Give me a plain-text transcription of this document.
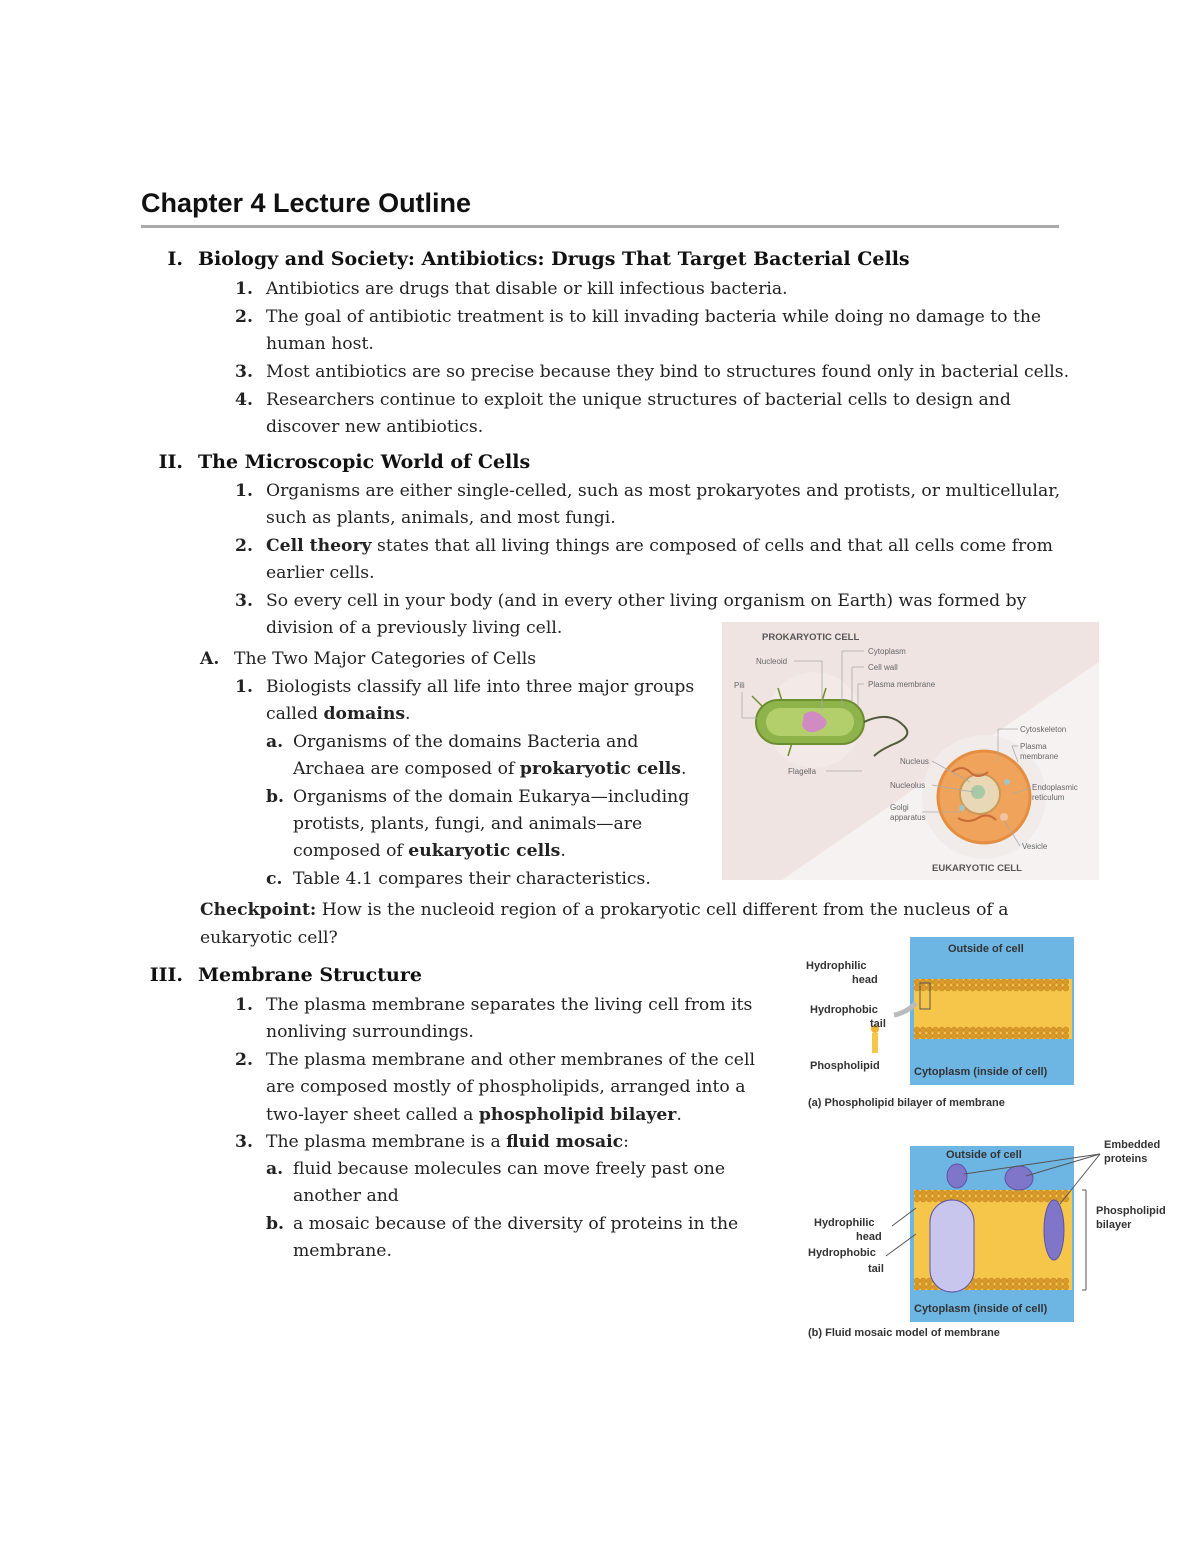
Chapter 4 Lecture Outline
I. Biology and Society: Antibiotics: Drugs That Target Bacterial Cells
1. Antibiotics are drugs that disable or kill infectious bacteria.
2. The goal of antibiotic treatment is to kill invading bacteria while doing no damage to the
human host.
3. Most antibiotics are so precise because they bind to structures found only in bacterial cells.
4. Researchers continue to exploit the unique structures of bacterial cells to design and
discover new antibiotics.
II. The Microscopic World of Cells
1. Organisms are either single-celled, such as most prokaryotes and protists, or multicellular,
such as plants, animals, and most fungi.
2. Cell theory states that all living things are composed of cells and that all cells come from
earlier cells.
3. So every cell in your body (and in every other living organism on Earth) was formed by
division of a previously living cell.
A. The Two Major Categories of Cells
1. Biologists classify all life into three major groups
called domains.
a. Organisms of the domains Bacteria and
Archaea are composed of prokaryotic cells.
b. Organisms of the domain Eukarya—including
protists, plants, fungi, and animals—are
composed of eukaryotic cells.
c. Table 4.1 compares their characteristics.
Checkpoint: How is the nucleoid region of a prokaryotic cell different from the nucleus of a
eukaryotic cell?
III. Membrane Structure
1. The plasma membrane separates the living cell from its
nonliving surroundings.
2. The plasma membrane and other membranes of the cell
are composed mostly of phospholipids, arranged into a
two-layer sheet called a phospholipid bilayer.
3. The plasma membrane is a fluid mosaic:
a. fluid because molecules can move freely past one
another and
b. a mosaic because of the diversity of proteins in the
membrane.
PROKARYOTIC CELL
Nucleoid
Cytoplasm
Cell wall
Plasma membrane
Pili
Flagella
Cytoskeleton
Plasma
membrane
Nucleus
Nucleolus	Endoplasmic
reticulum
Golgi
apparatus
Vesicle
EUKARYOTIC CELL
Outside of cell
Hydrophilic
head
Hydrophobic
tail
Phospholipid	Cytoplasm (inside of cell)
(a) Phospholipid bilayer of membrane
Outside of cell
Embedded
proteins
Phospholipid
bilayer
Hydrophilic
head
Hydrophobic
tail
Cytoplasm (inside of cell)
(b) Fluid mosaic model of membrane
